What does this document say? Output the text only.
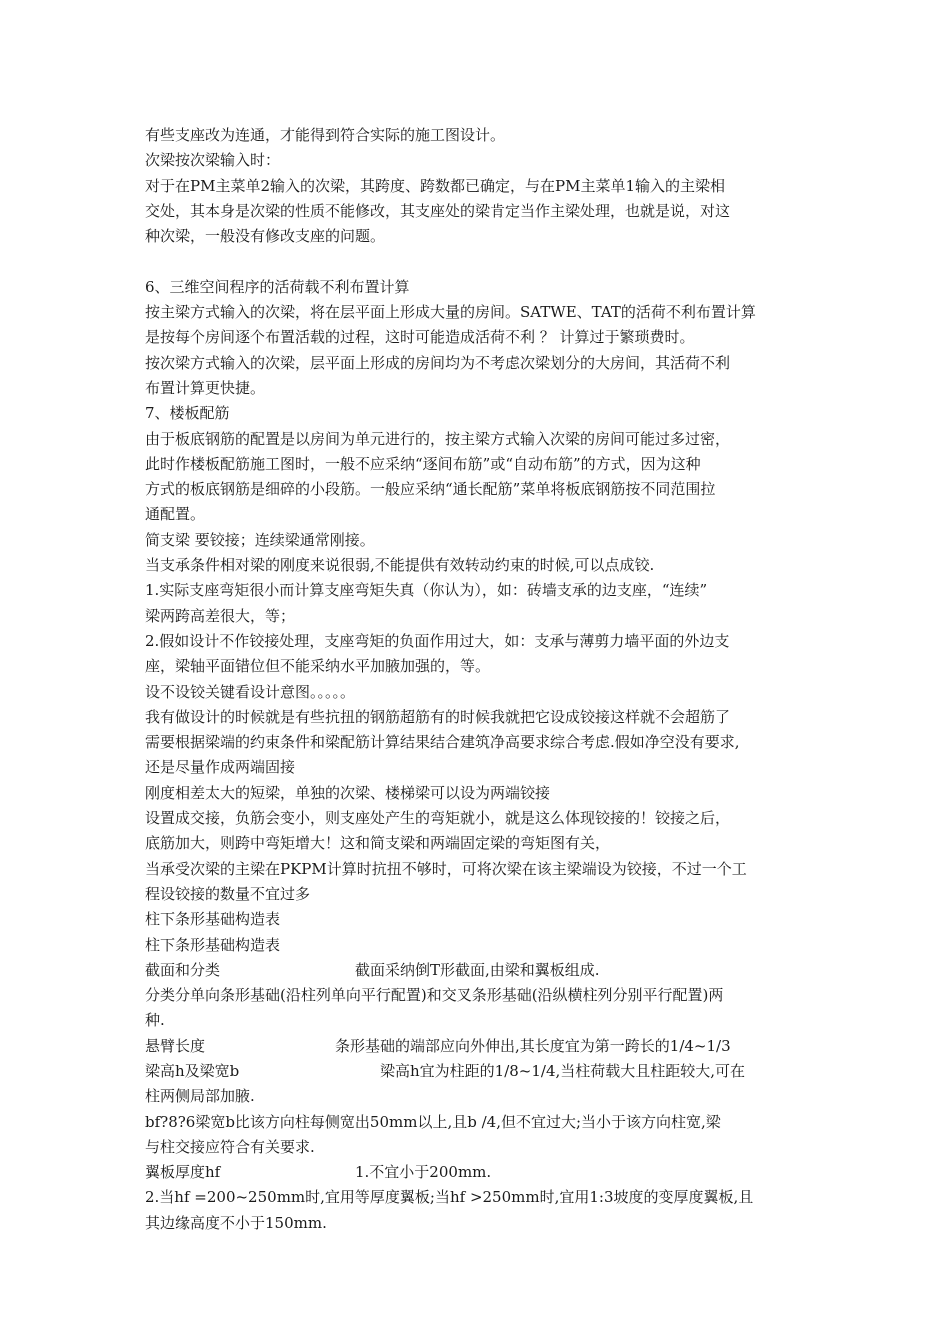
有些支座改为连通，才能得到符合实际的施工图设计。
次梁按次梁输入时：
对于在PM主菜单2输入的次梁，其跨度、跨数都已确定，与在PM主菜单1输入的主梁相
交处，其本身是次梁的性质不能修改，其支座处的梁肯定当作主梁处理，也就是说，对这
种次梁，一般没有修改支座的问题。
6、三维空间程序的活荷载不利布置计算
按主梁方式输入的次梁，将在层平面上形成大量的房间。SATWE、TAT的活荷不利布置计算
是按每个房间逐个布置活载的过程，这时可能造成活荷不利 ？ 计算过于繁琐费时。
按次梁方式输入的次梁，层平面上形成的房间均为不考虑次梁划分的大房间，其活荷不利
布置计算更快捷。
7、楼板配筋
由于板底钢筋的配置是以房间为单元进行的，按主梁方式输入次梁的房间可能过多过密，
此时作楼板配筋施工图时，一般不应采纳“逐间布筋”或“自动布筋”的方式，因为这种
方式的板底钢筋是细碎的小段筋。一般应采纳“通长配筋”菜单将板底钢筋按不同范围拉
通配置。
简支梁 要铰接；连续梁通常刚接。
当支承条件相对梁的刚度来说很弱,不能提供有效转动约束的时候,可以点成铰.
1.实际支座弯矩很小而计算支座弯矩失真（你认为），如：砖墙支承的边支座，“连续”
梁两跨高差很大，等；
2.假如设计不作铰接处理，支座弯矩的负面作用过大，如：支承与薄剪力墙平面的外边支
座，梁轴平面错位但不能采纳水平加腋加强的，等。
设不设铰关键看设计意图。。。。。
我有做设计的时候就是有些抗扭的钢筋超筋有的时候我就把它设成铰接这样就不会超筋了
需要根据梁端的约束条件和梁配筋计算结果结合建筑净高要求综合考虑.假如净空没有要求,
还是尽量作成两端固接
刚度相差太大的短梁，单独的次梁、楼梯梁可以设为两端铰接
设置成交接，负筋会变小，则支座处产生的弯矩就小，就是这么体现铰接的！铰接之后，
底筋加大，则跨中弯矩增大！这和简支梁和两端固定梁的弯矩图有关，
当承受次梁的主梁在PKPM计算时抗扭不够时，可将次梁在该主梁端设为铰接，不过一个工
程设铰接的数量不宜过多
柱下条形基础构造表
柱下条形基础构造表
截面和分类	截面采纳倒T形截面,由梁和翼板组成.
分类分单向条形基础(沿柱列单向平行配置)和交叉条形基础(沿纵横柱列分别平行配置)两
种.
悬臂长度	条形基础的端部应向外伸出,其长度宜为第一跨长的1/4~1/3
梁高h及梁宽b	梁高h宜为柱距的1/8~1/4,当柱荷载大且柱距较大,可在
柱两侧局部加腋.
bf?8?6梁宽b比该方向柱每侧宽出50mm以上,且b /4,但不宜过大;当小于该方向柱宽,梁
与柱交接应符合有关要求.
翼板厚度hf	1.不宜小于200mm.
2.当hf =200~250mm时,宜用等厚度翼板;当hf >250mm时,宜用1:3坡度的变厚度翼板,且
其边缘高度不小于150mm.
